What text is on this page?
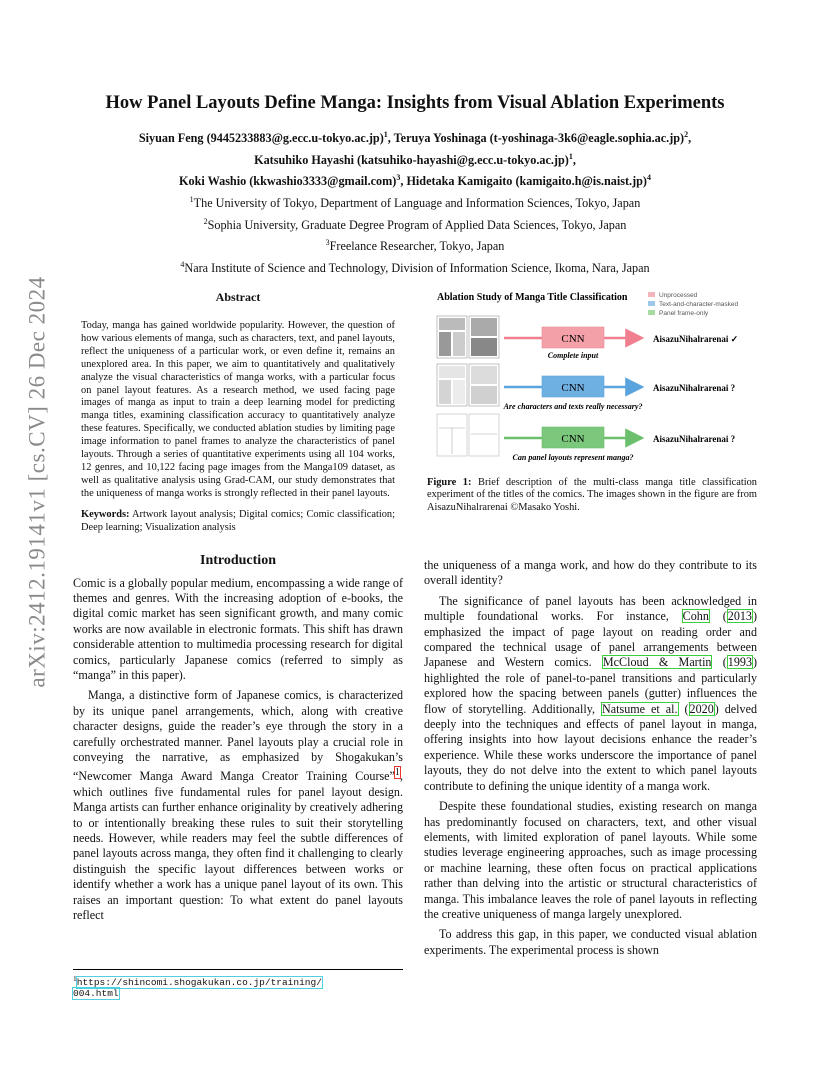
arXiv:2412.19141v1 [cs.CV] 26 Dec 2024
How Panel Layouts Define Manga: Insights from Visual Ablation Experiments
Siyuan Feng (9445233883@g.ecc.u-tokyo.ac.jp)$^1$, Teruya Yoshinaga (t-yoshinaga-3k6@eagle.sophia.ac.jp)$^2$,
Katsuhiko Hayashi (katsuhiko-hayashi@g.ecc.u-tokyo.ac.jp)$^1$,
Koki Washio (kkwashio3333@gmail.com)$^3$, Hidetaka Kamigaito (kamigaito.h@is.naist.jp)$^4$
$^1$The University of Tokyo, Department of Language and Information Sciences, Tokyo, Japan
$^2$Sophia University, Graduate Degree Program of Applied Data Sciences, Tokyo, Japan
$^3$Freelance Researcher, Tokyo, Japan
$^4$Nara Institute of Science and Technology, Division of Information Science, Ikoma, Nara, Japan
Abstract

Today, manga has gained worldwide popularity. However, the question of how various elements of manga, such as characters, text, and panel layouts, reflect the uniqueness of a particular work, or even define it, remains an unexplored area. In this paper, we aim to quantitatively and qualitatively analyze the visual characteristics of manga works, with a particular focus on panel layout features. As a research method, we used facing page images of manga as input to train a deep learning model for predicting manga titles, examining classification accuracy to quantitatively analyze these features. Specifically, we conducted ablation studies by limiting page image information to panel frames to analyze the characteristics of panel layouts. Through a series of quantitative experiments using all 104 works, 12 genres, and 10,122 facing page images from the Manga109 dataset, as well as qualitative analysis using Grad-CAM, our study demonstrates that the uniqueness of manga works is strongly reflected in their panel layouts.

Keywords: Artwork layout analysis; Digital comics; Comic classification; Deep learning; Visualization analysis

Introduction

Comic is a globally popular medium, encompassing a wide range of themes and genres. With the increasing adoption of e-books, the digital comic market has seen significant growth, and many comic works are now available in electronic formats. This shift has drawn considerable attention to multimedia processing research for digital comics, particularly Japanese comics (referred to simply as “manga” in this paper).

Manga, a distinctive form of Japanese comics, is characterized by its unique panel arrangements, which, along with creative character designs, guide the reader’s eye through the story in a carefully orchestrated manner. Panel layouts play a crucial role in conveying the narrative, as emphasized by Shogakukan’s “Newcomer Manga Award Manga Creator Training Course”$^1$, which outlines five fundamental rules for panel layout design. Manga artists can further enhance originality by creatively adhering to or intentionally breaking these rules to suit their storytelling needs. However, while readers may feel the subtle differences of panel layouts across manga, they often find it challenging to clearly distinguish the specific layout differences between works or identify whether a work has a unique panel layout of its own. This raises an important question: To what extent do panel layouts reflect

$^1$https://shincomi.shogakukan.co.jp/training/
004.html
Ablation Study of Manga Title Classification	Unprocessed
Text-and-character-masked
Panel frame-only
CNN
Complete input
AisazuNihalrarenai ✓
CNN
Are characters and texts really necessary?
AisazuNihalrarenai ?
CNN
Can panel layouts represent manga?
AisazuNihalrarenai ?
Figure 1: Brief description of the multi-class manga title classification experiment of the titles of the comics. The images shown in the figure are from AisazuNihalrarenai ©Masako Yoshi.

the uniqueness of a manga work, and how do they contribute to its overall identity?

The significance of panel layouts has been acknowledged in multiple foundational works. For instance, Cohn (2013) emphasized the impact of page layout on reading order and compared the technical usage of panel arrangements between Japanese and Western comics. McCloud & Martin (1993) highlighted the role of panel-to-panel transitions and particularly explored how the spacing between panels (gutter) influences the flow of storytelling. Additionally, Natsume et al. (2020) delved deeply into the techniques and effects of panel layout in manga, offering insights into how layout decisions enhance the reader’s experience. While these works underscore the importance of panel layouts, they do not delve into the extent to which panel layouts contribute to defining the unique identity of a manga work.

Despite these foundational studies, existing research on manga has predominantly focused on characters, text, and other visual elements, with limited exploration of panel layouts. While some studies leverage engineering approaches, such as image processing or machine learning, these often focus on practical applications rather than delving into the artistic or structural characteristics of manga. This imbalance leaves the role of panel layouts in reflecting the creative uniqueness of manga largely unexplored.

To address this gap, in this paper, we conducted visual ablation experiments. The experimental process is shown
